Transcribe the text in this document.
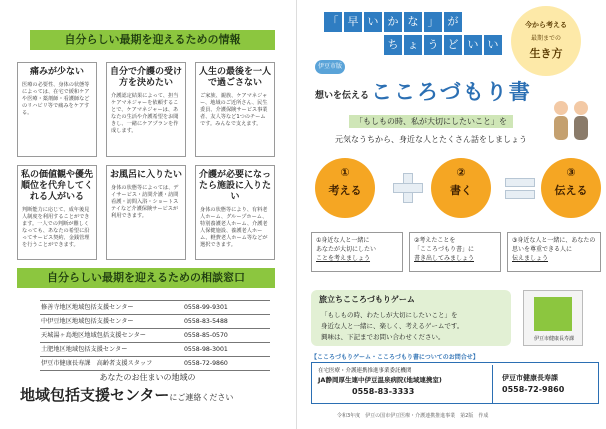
自分らしい最期を迎えるための情報
痛みが少ない
医療の必要性、身体の状態等によっては、在宅で緩和ケアや医療・薬剤師・看護師などのリハビリ等で痛みをケアする。
自分で介護の受け方を決めたい
介護認定結果によって、担当ケアマネジャーを依頼することで、ケアマネジャーは、あなたの生活や介護希望をお聞きし、一緒にケアプランを作成します。
人生の最後を一人で過ごさない
ご家族、親族、ケアマネジャー、地域のご近所さん、民生委員、介護保険サービス事業者、友人等など1つのチームです。みんなで支えます。
私の価値観や優先順位を代弁してくれる人がいる
判断能力に応じて、成年後見人制度を利用することができます。一人での判断が難しくなっても、あなたの希望に沿ってサービス契約、金銭管理を行うことができます。
お風呂に入りたい
身体の状態等によっては、デイサービス・訪問介護・訪問看護・訪問入浴・ショートステイなど介護保険サービスが利用できます。
介護が必要になったら施設に入りたい
身体の状態等により、有料老人ホーム、グループホーム、特別養護老人ホーム、介護老人保健施設、養護老人ホーム、軽費老人ホーム等などが選択できます。
自分らしい最期を迎えるための相談窓口
修善寺地区地域包括支援センター	0558-99-9301
中伊豆地区地域包括支援センター	0558-83-5488
天城湯ヶ島地区地域包括支援センター	0558-85-0570
土肥地区地域包括支援センター	0558-98-3001
伊豆市健康長寿課　高齢者支援スタッフ	0558-72-9860
あなたのお住まいの地域の
地域包括支援センターにご連絡ください
「 早 い か な 」 が
ち ょ う ど い い
今から考える
最期までの
生き方
伊豆市版
想いを伝える こころづもり書
「もしもの時、私が大切にしたいこと」を
元気なうちから、身近な人とたくさん話をしましょう
①
考える
②
書く
③
伝える
①身近な人と一緒に
あなたが大切にしたい
ことを考えましょう
②考えたことを
「こころづもり書」に
書き出してみましょう
③身近な人と一緒に、あなたの
思いを尊重できる人に
伝えましょう
旅立ちこころづもりゲーム
「もしもの時、わたしが大切にしたいこと」を
身近な人と一緒に、楽しく、考えるゲームです。
興味は、下記までお問い合わせください。	伊豆市健康長寿課
【こころづもりゲーム・こころづもり書についてのお問合せ】
在宅医療・介護連携推進事業委託機関
JA静岡厚生連中伊豆温泉病院(地域連携室)
0558-83-3333
伊豆市健康長寿課
0558-72-9860
令和3年度　伊豆の国市伊豆医療・介護連携推進事業　第2版　作成
